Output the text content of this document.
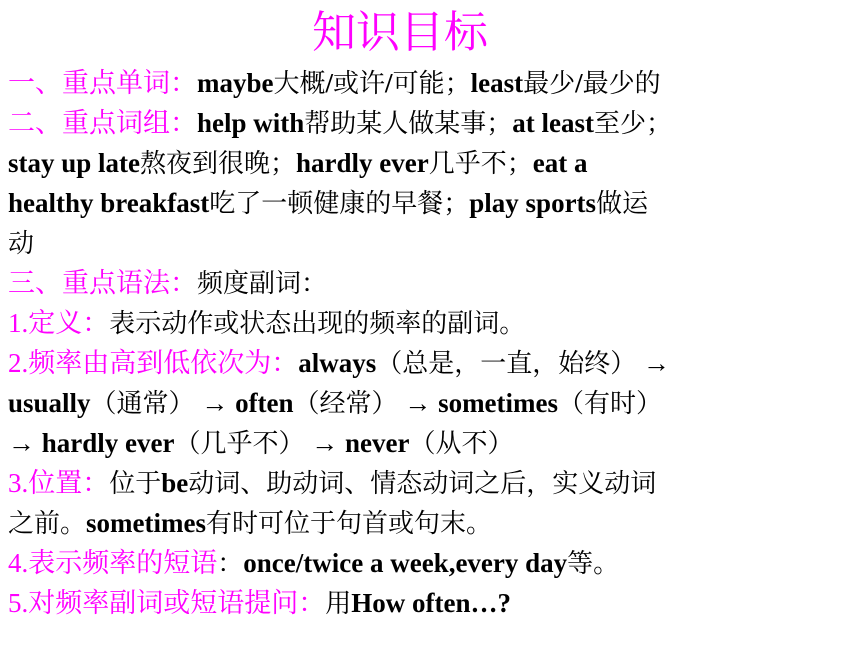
知识目标
一、重点单词：maybe大概/或许/可能；least最少/最少的
二、重点词组：help with帮助某人做某事；at least至少；
stay up late熬夜到很晚；hardly ever几乎不；eat a
healthy breakfast吃了一顿健康的早餐；play sports做运
动
三、重点语法：频度副词：
1.定义：表示动作或状态出现的频率的副词。
2.频率由高到低依次为：always（总是，一直，始终） →
usually（通常） → often（经常） → sometimes（有时）
→ hardly ever（几乎不） → never（从不）
3.位置：位于be动词、助动词、情态动词之后，实义动词
之前。sometimes有时可位于句首或句末。
4.表示频率的短语：once/twice a week,every day等。
5.对频率副词或短语提问：用How often…?
